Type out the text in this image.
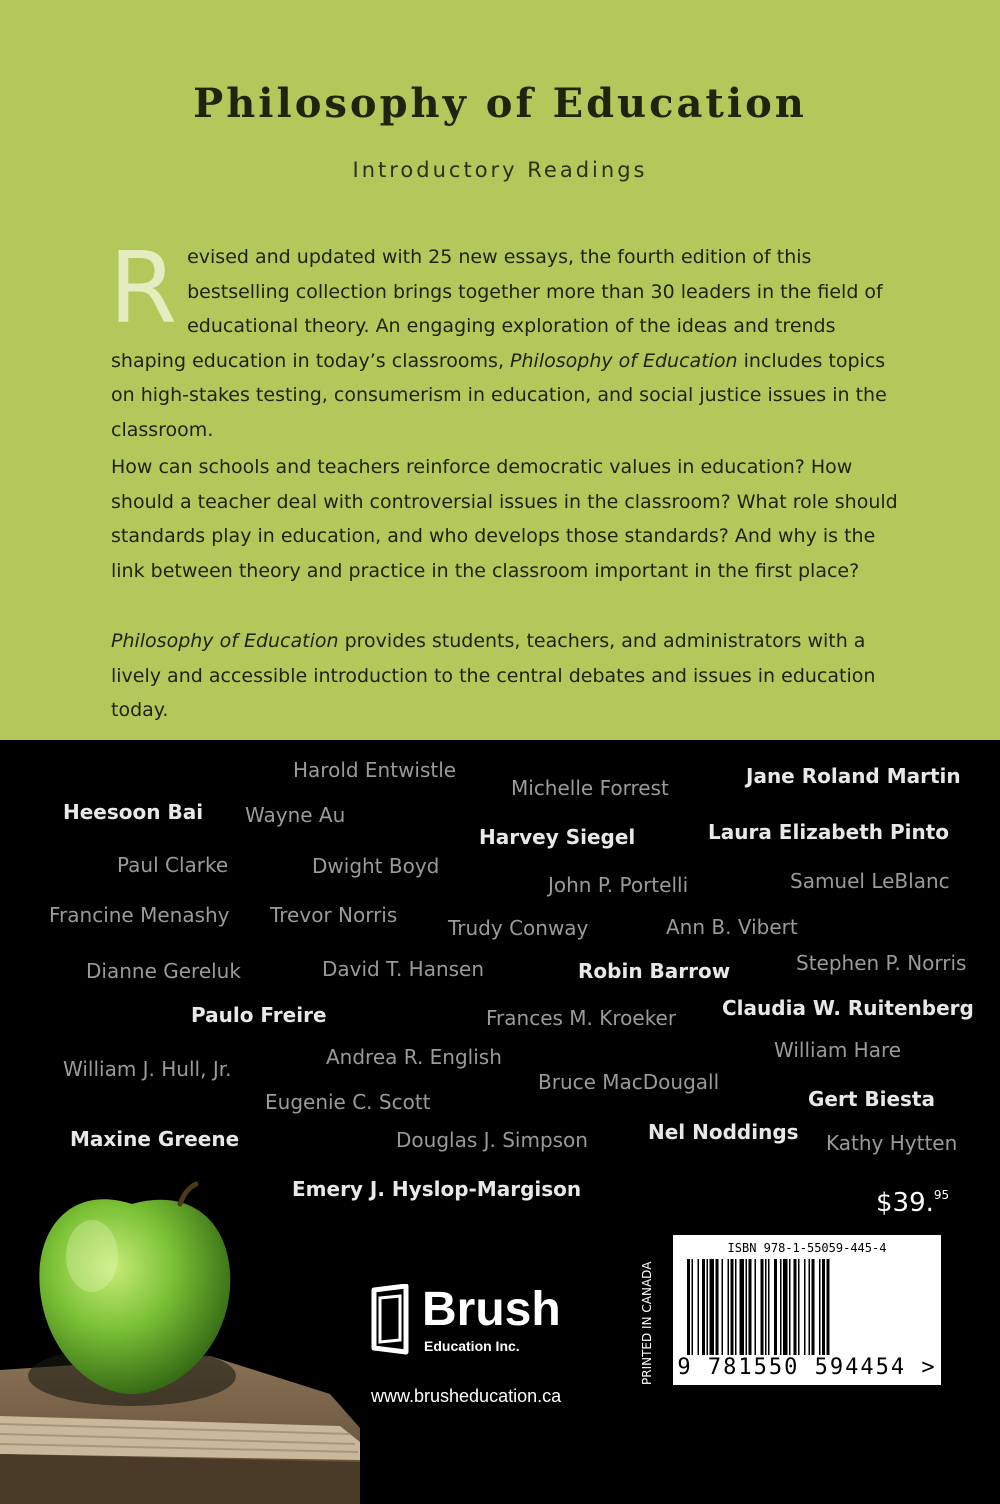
Philosophy of Education
Introductory Readings

Revised and updated with 25 new essays, the fourth edition of this bestselling collection brings together more than 30 leaders in the field of educational theory. An engaging exploration of the ideas and trends shaping education in today’s classrooms, Philosophy of Education includes topics on high-stakes testing, consumerism in education, and social justice issues in the classroom.

How can schools and teachers reinforce democratic values in education? How should a teacher deal with controversial issues in the classroom? What role should standards play in education, and who develops those standards? And why is the link between theory and practice in the classroom important in the first place?

Philosophy of Education provides students, teachers, and administrators with a lively and accessible introduction to the central debates and issues in education today.

Harold Entwistle
Michelle Forrest	Jane Roland Martin
Heesoon Bai Wayne Au
Harvey Siegel	Laura Elizabeth Pinto
Paul Clarke	Dwight Boyd
John P. Portelli	Samuel LeBlanc
Francine Menashy Trevor Norris
Trudy Conway	Ann B. Vibert
Dianne Gereluk	David T. Hansen	Robin Barrow	Stephen P. Norris
Paulo Freire	Frances M. Kroeker Claudia W. Ruitenberg
William J. Hull, Jr.	Andrea R. English	William Hare
Bruce MacDougall
Eugenie C. Scott	Gert Biesta
Maxine Greene	Douglas J. Simpson	Nel Noddings Kathy Hytten
Emery J. Hyslop-Margison
Brush
Education Inc.
www.brusheducation.ca
$39.95
PRINTED IN CANADA
ISBN 978-1-55059-445-4
9 781550 594454 >
